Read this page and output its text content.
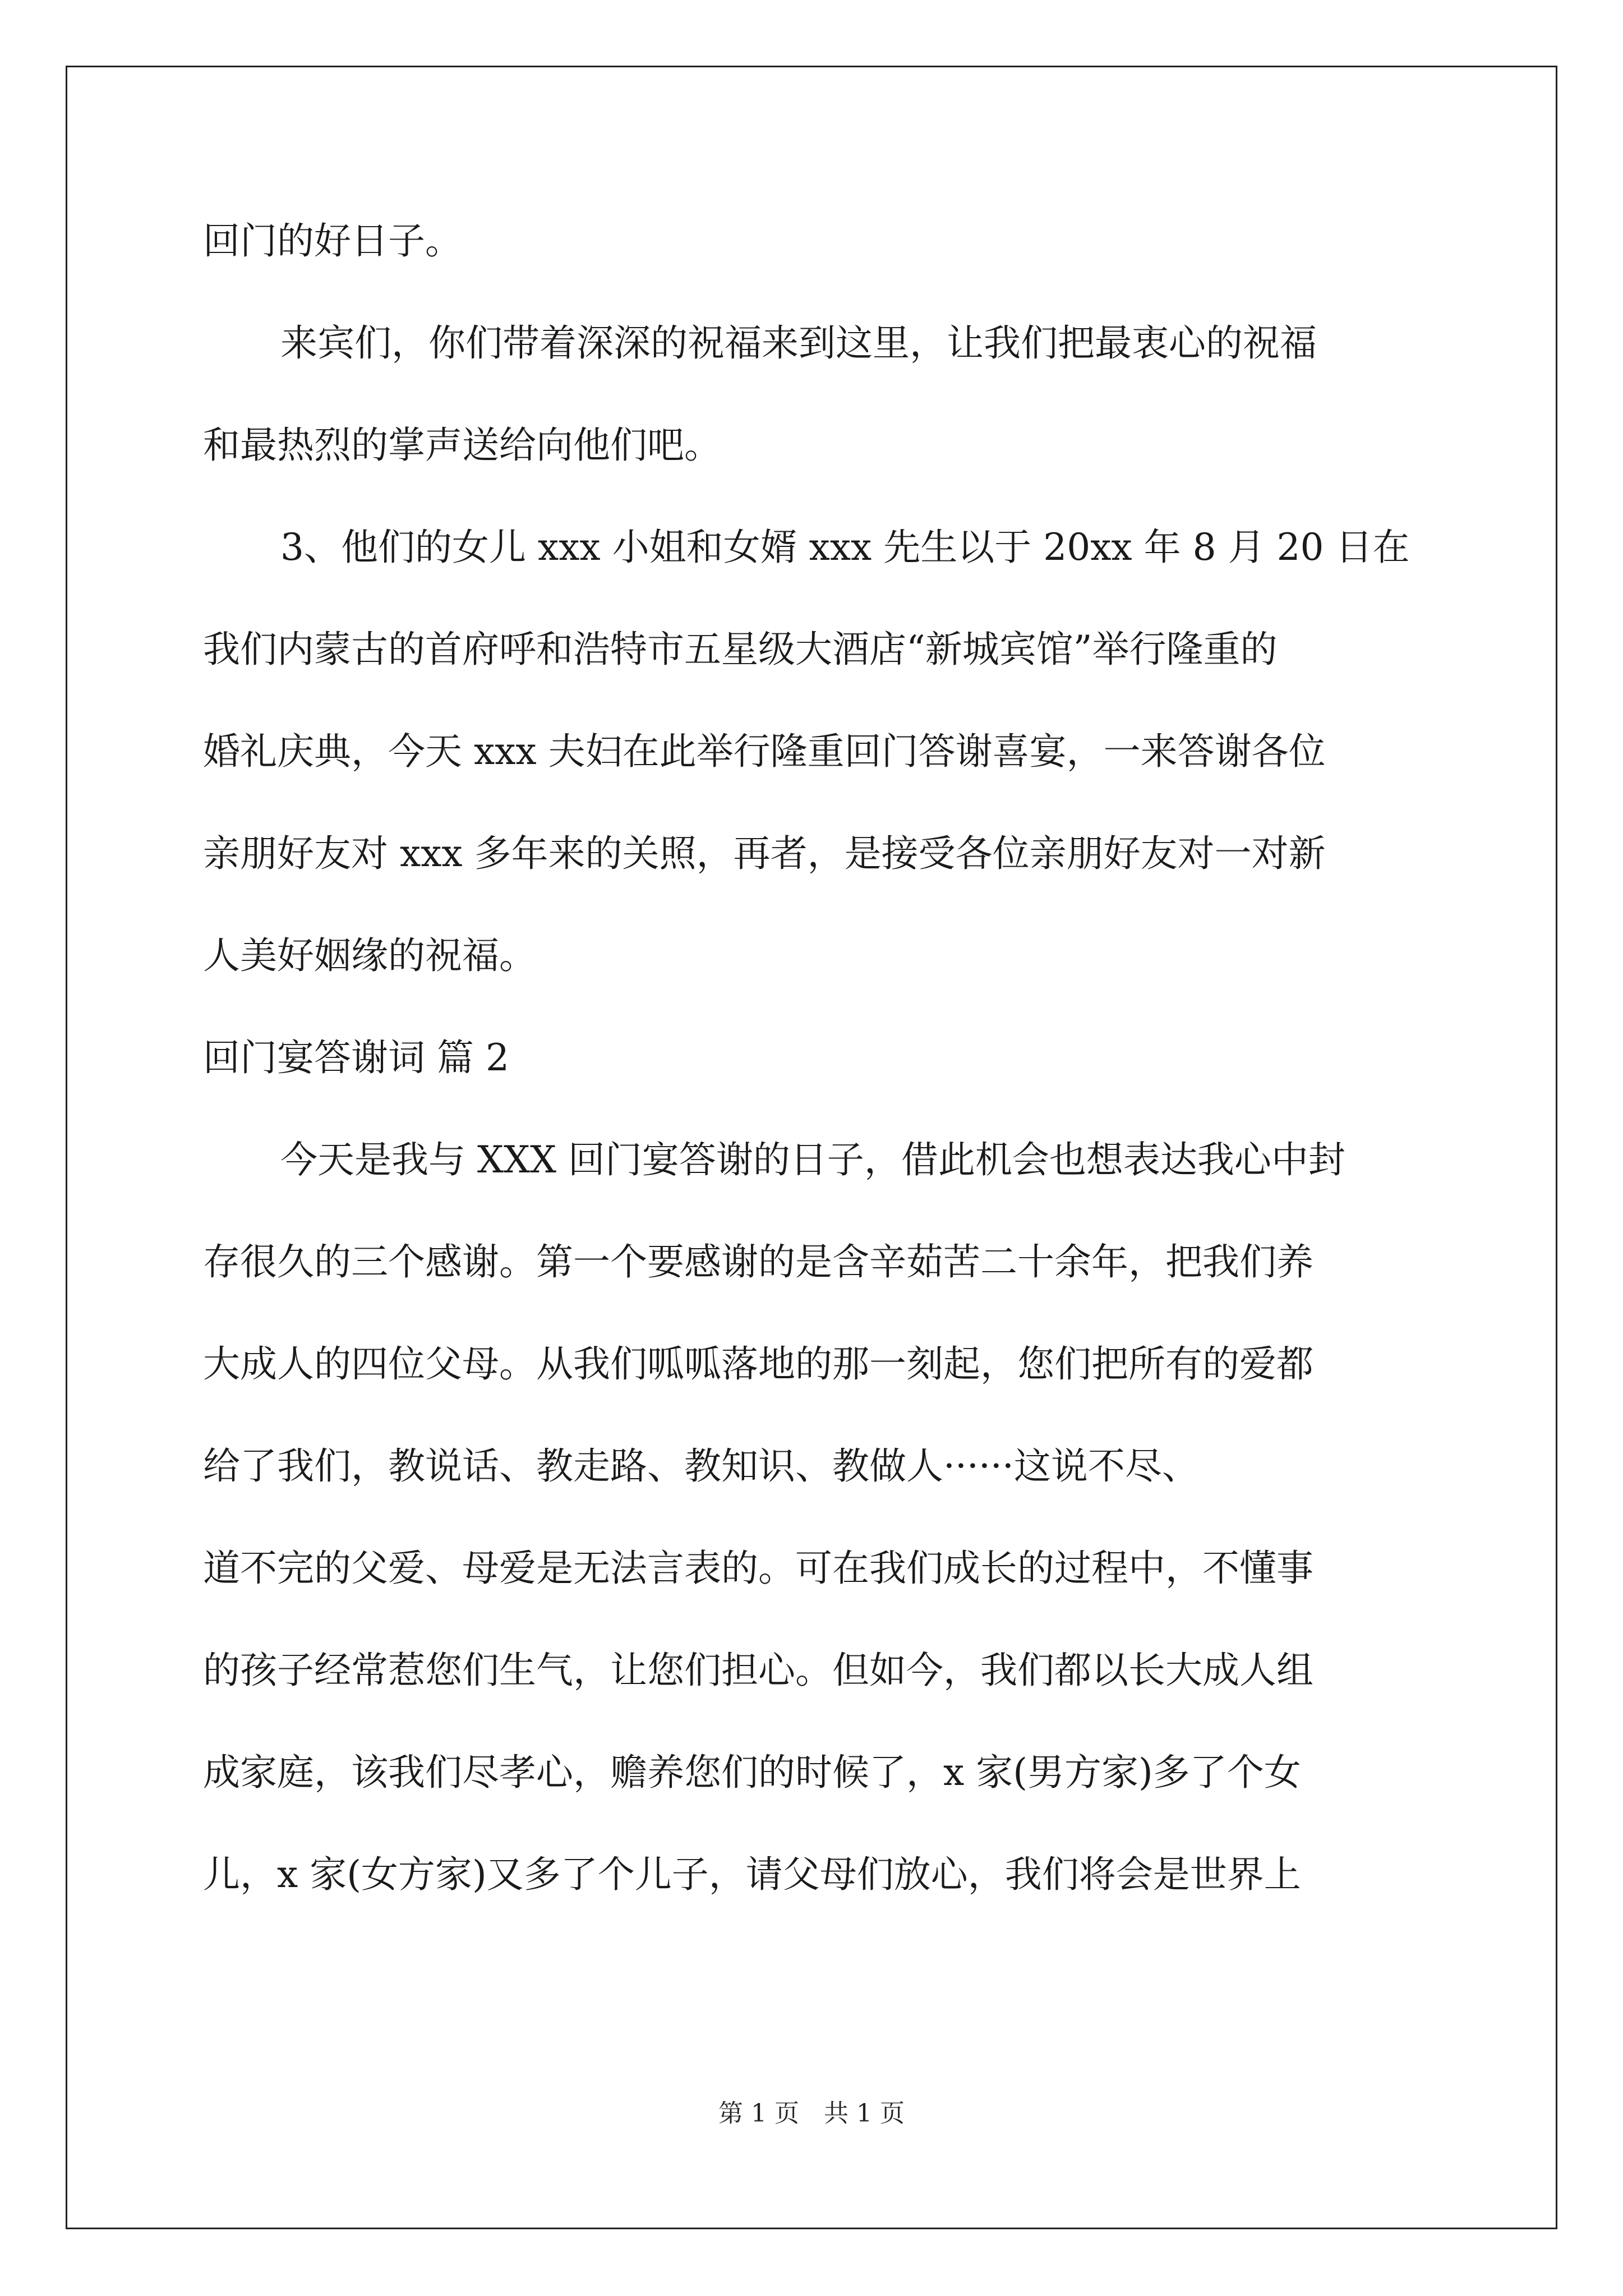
回门的好日子。
来宾们，你们带着深深的祝福来到这里，让我们把最衷心的祝福
和最热烈的掌声送给向他们吧。
3、他们的女儿 xxx 小姐和女婿 xxx 先生以于 20xx 年 8 月 20 日在
我们内蒙古的首府呼和浩特市五星级大酒店“新城宾馆”举行隆重的
婚礼庆典，今天 xxx 夫妇在此举行隆重回门答谢喜宴，一来答谢各位
亲朋好友对 xxx 多年来的关照，再者，是接受各位亲朋好友对一对新
人美好姻缘的祝福。
回门宴答谢词 篇 2
今天是我与 XXX 回门宴答谢的日子，借此机会也想表达我心中封
存很久的三个感谢。第一个要感谢的是含辛茹苦二十余年，把我们养
大成人的四位父母。从我们呱呱落地的那一刻起，您们把所有的爱都
给了我们，教说话、教走路、教知识、教做人······这说不尽、
道不完的父爱、母爱是无法言表的。可在我们成长的过程中，不懂事
的孩子经常惹您们生气，让您们担心。但如今，我们都以长大成人组
成家庭，该我们尽孝心，赡养您们的时候了，x 家(男方家)多了个女
儿，x 家(女方家)又多了个儿子，请父母们放心，我们将会是世界上
第 1 页　共 1 页
